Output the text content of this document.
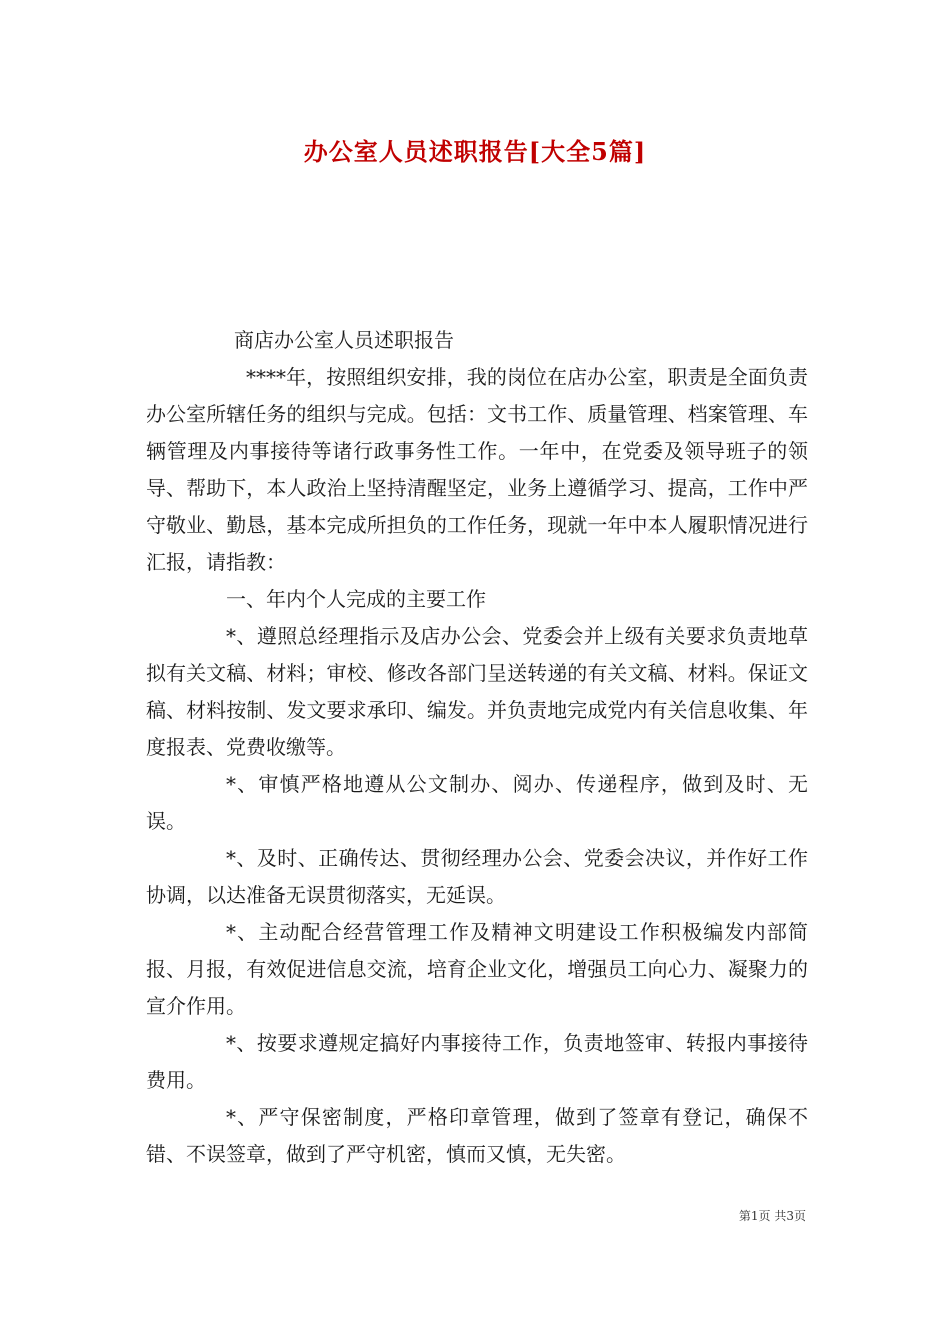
办公室人员述职报告[大全5篇]

商店办公室人员述职报告

****年，按照组织安排，我的岗位在店办公室，职责是全面负责办公室所辖任务的组织与完成。包括：文书工作、质量管理、档案管理、车辆管理及内事接待等诸行政事务性工作。一年中，在党委及领导班子的领导、帮助下，本人政治上坚持清醒坚定，业务上遵循学习、提高，工作中严守敬业、勤恳，基本完成所担负的工作任务，现就一年中本人履职情况进行汇报，请指教：

一、年内个人完成的主要工作

*、遵照总经理指示及店办公会、党委会并上级有关要求负责地草拟有关文稿、材料；审校、修改各部门呈送转递的有关文稿、材料。保证文稿、材料按制、发文要求承印、编发。并负责地完成党内有关信息收集、年度报表、党费收缴等。

*、审慎严格地遵从公文制办、阅办、传递程序，做到及时、无误。

*、及时、正确传达、贯彻经理办公会、党委会决议，并作好工作协调，以达准备无误贯彻落实，无延误。

*、主动配合经营管理工作及精神文明建设工作积极编发内部简报、月报，有效促进信息交流，培育企业文化，增强员工向心力、凝聚力的宣介作用。

*、按要求遵规定搞好内事接待工作，负责地签审、转报内事接待费用。

*、严守保密制度，严格印章管理，做到了签章有登记，确保不错、不误签章，做到了严守机密，慎而又慎，无失密。

第1页 共3页
